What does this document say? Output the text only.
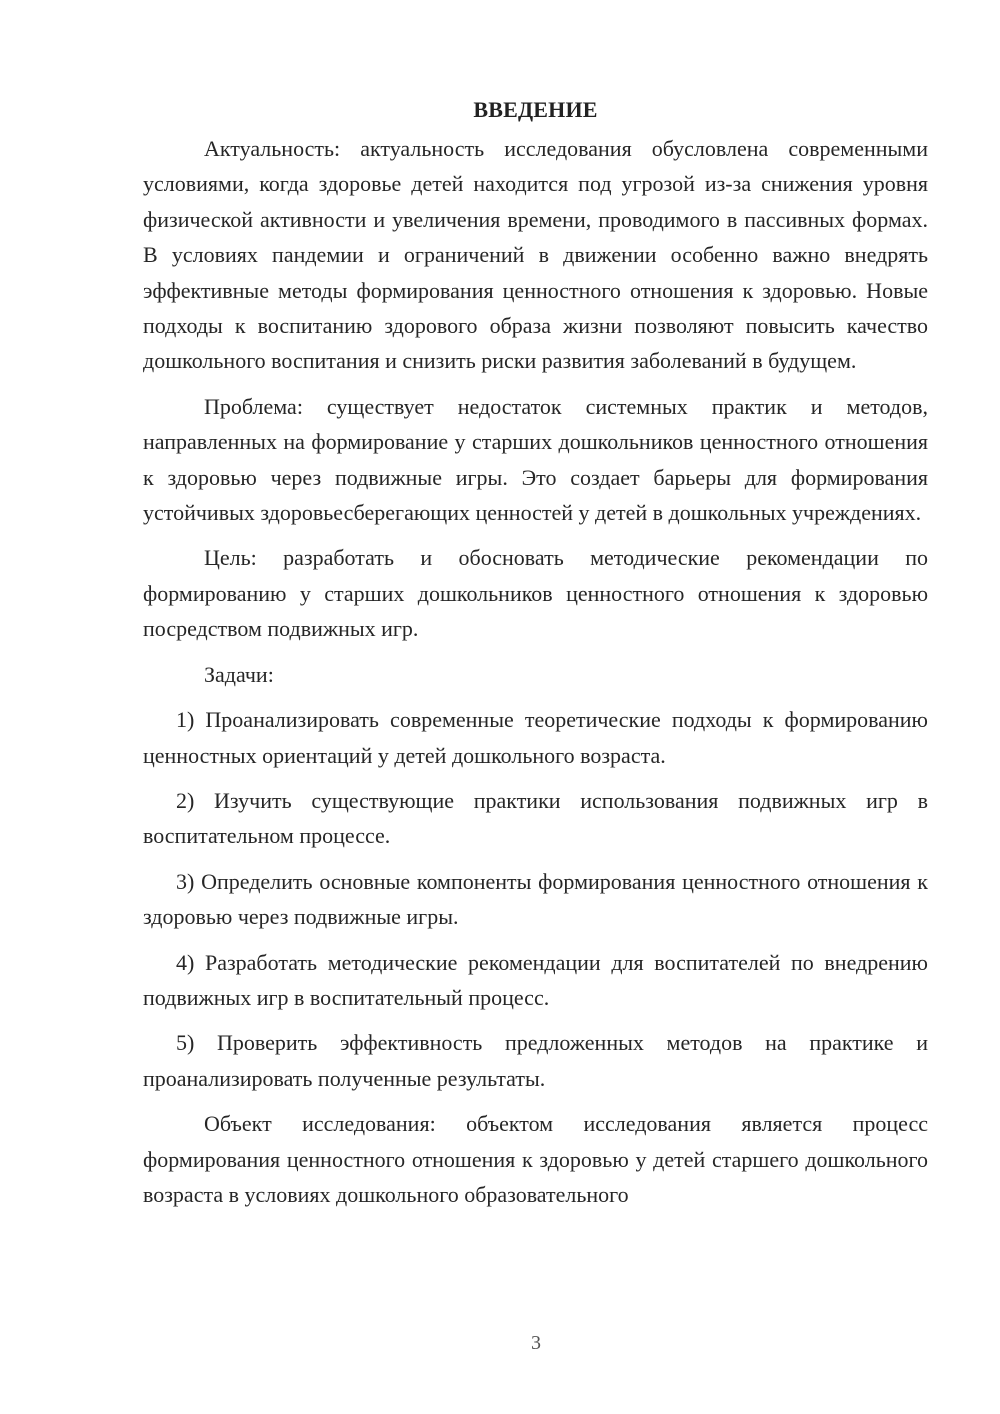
ВВЕДЕНИЕ

Актуальность: актуальность исследования обусловлена современными условиями, когда здоровье детей находится под угрозой из-за снижения уровня физической активности и увеличения времени, проводимого в пассивных формах. В условиях пандемии и ограничений в движении особенно важно внедрять эффективные методы формирования ценностного отношения к здоровью. Новые подходы к воспитанию здорового образа жизни позволяют повысить качество дошкольного воспитания и снизить риски развития заболеваний в будущем.

Проблема: существует недостаток системных практик и методов, направленных на формирование у старших дошкольников ценностного отношения к здоровью через подвижные игры. Это создает барьеры для формирования устойчивых здоровьесберегающих ценностей у детей в дошкольных учреждениях.

Цель: разработать и обосновать методические рекомендации по формированию у старших дошкольников ценностного отношения к здоровью посредством подвижных игр.

Задачи:

1) Проанализировать современные теоретические подходы к формированию ценностных ориентаций у детей дошкольного возраста.

2) Изучить существующие практики использования подвижных игр в воспитательном процессе.

3) Определить основные компоненты формирования ценностного отношения к здоровью через подвижные игры.

4) Разработать методические рекомендации для воспитателей по внедрению подвижных игр в воспитательный процесс.

5) Проверить эффективность предложенных методов на практике и проанализировать полученные результаты.

Объект исследования: объектом исследования является процесс формирования ценностного отношения к здоровью у детей старшего дошкольного возраста в условиях дошкольного образовательного

3
